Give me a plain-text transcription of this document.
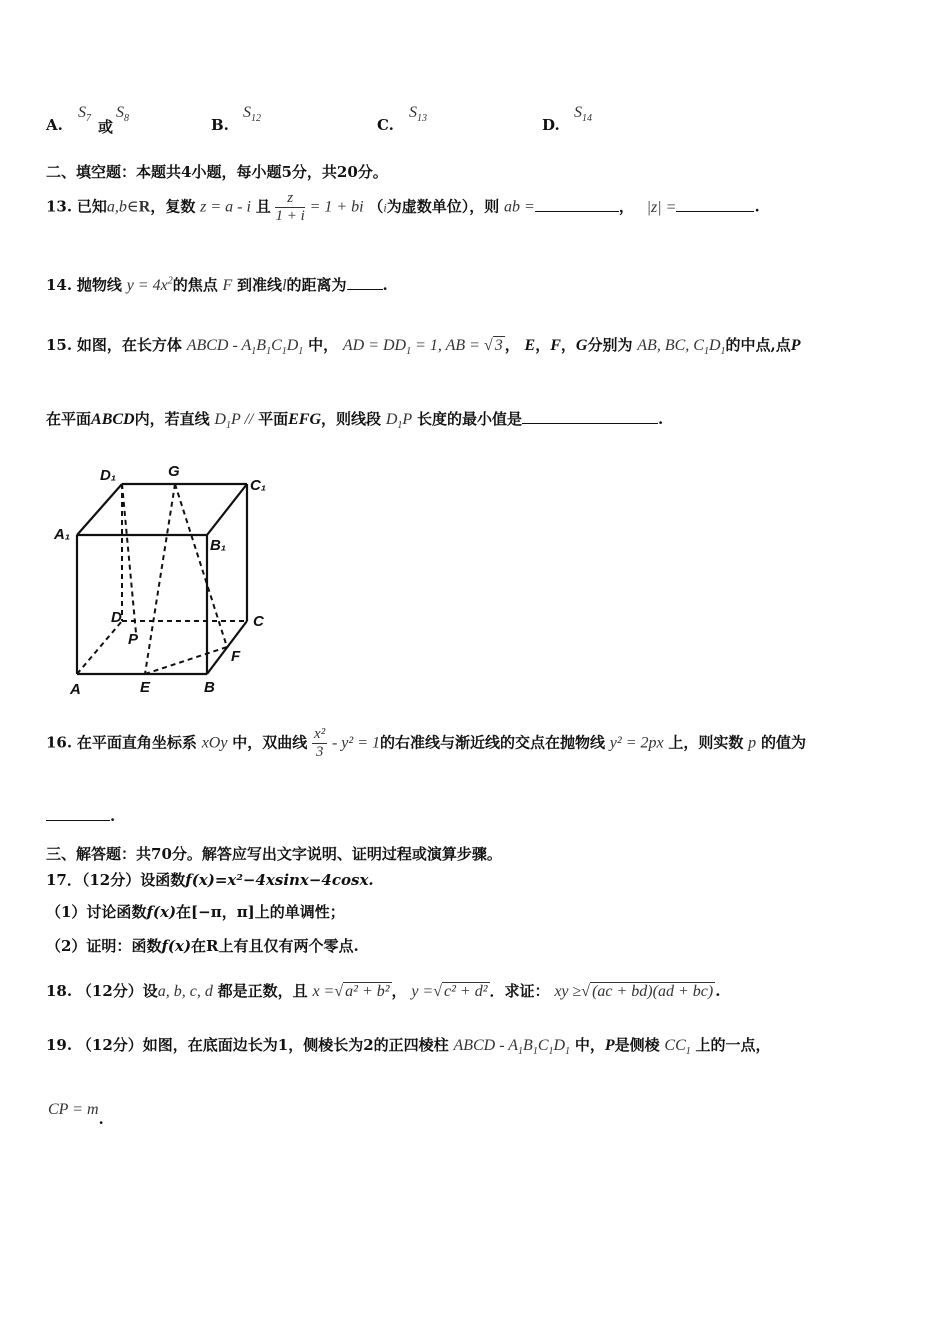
A.
$S_7$ 或
$S_8$	B.
$S_{12}$	C.
$S_{13}$	D.
$S_{14}$
二、填空题：本题共4小题，每小题5分，共20分。
13. 已知a,b∈R，复数 z = a - i 且 $\frac{z}{1 + i} = 1$ + bi （i为虚数单位），则 ab =	， |z| =	.
14. 抛物线 $y = 4x^2$的焦点 F 到准线l的距离为 .
15. 如图，在长方体 ABCD - $A_1B_1C_1D_1$ 中， AD = $DD_1 = 1$, AB = √ 3 ， E，F，G分别为 AB, BC, $C_1D_1$的中点,点P
在平面ABCD内，若直线 $D_1P$ // 平面EFG，则线段 $D_1P$ 长度的最小值是	.
D₁	G
C₁
A₁
B₁
D	C
P
F
A	E	B
16. 在平面直角坐标系 xOy 中，双曲线 $\frac{\text{x²}}{3} - y^2 = 1$的右准线与渐近线的交点在抛物线 y² = 2px 上，则实数 p 的值为
.
三、解答题：共70分。解答应写出文字说明、证明过程或演算步骤。
17．（12分）设函数f(x)=x²−4xsinx−4cosx.
（1）讨论函数f(x)在[−π，π]上的单调性；
（2）证明：函数f(x)在R上有且仅有两个零点.
18. （12分）设a, b, c, d 都是正数，且 x =√ a² + b² ， y =√ c² + d² ．求证： xy ≥√ (ac + bd)(ad + bc) .
19. （12分）如图，在底面边长为1，侧棱长为2的正四棱柱 ABCD - $A_1B_1C_1D_1$ 中，P是侧棱 $CC_1$ 上的一点，
CP = m.
